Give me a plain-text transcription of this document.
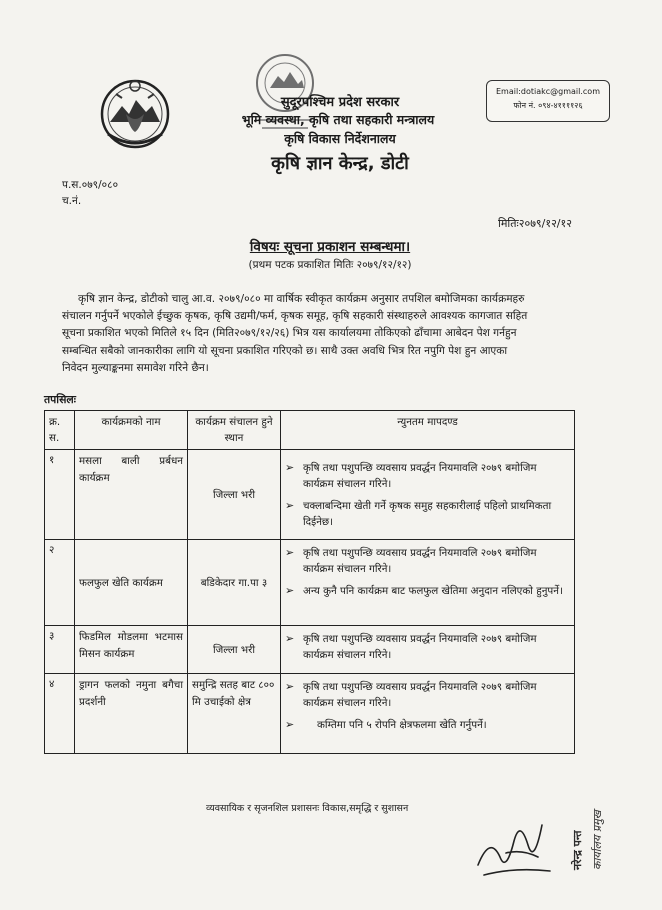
सुदूरपश्चिम प्रदेश सरकार
भूमि व्यवस्था, कृषि तथा सहकारी मन्त्रालय
कृषि विकास निर्देशनालय
कृषि ज्ञान केन्द्र, डोटी
Email:dotiakc@gmail.com
फोन नं. ०९४-४११११२६
प.स.०७९/०८०
च.नं.
मितिः२०७९/१२/१२
विषयः सूचना प्रकाशन सम्बन्धमा।
(प्रथम पटक प्रकाशित मितिः २०७९/१२/१२)
कृषि ज्ञान केन्द्र, डोटीको चालु आ.व. २०७९/०८० मा वार्षिक स्वीकृत कार्यक्रम अनुसार तपशिल बमोजिमका कार्यक्रमहरु
संचालन गर्नुपर्ने भएकोले ईच्छुक कृषक, कृषि उद्यमी/फर्म, कृषक समूह, कृषि सहकारी संस्थाहरुले आवश्यक कागजात सहित
सूचना प्रकाशित भएको मितिले १५ दिन (मिति२०७९/१२/२६) भित्र यस कार्यालयमा तोकिएको ढाँचामा आबेदन पेश गर्नहुन
सम्बन्धित सबैको जानकारीका लागि यो सूचना प्रकाशित गरिएको छ। साथै उक्त अवधि भित्र रित नपुगि पेश हुन आएका
निवेदन मुल्याङ्कनमा समावेश गरिने छैन।
तपसिलः
क्र. स.	कार्यक्रमको नाम	कार्यक्रम संचालन हुने स्थान	न्युनतम मापदण्ड
१	मसला बाली प्रर्बधन कार्यक्रम	जिल्ला भरी	➢ कृषि तथा पशुपन्छि व्यवसाय प्रवर्द्धन नियमावलि २०७९ बमोजिम कार्यक्रम संचालन गरिने।
➢ चक्लाबन्दिमा खेती गर्ने कृषक समुह सहकारीलाई पहिलो प्राथमिकता दिईनेछ।

२	फलफुल खेति कार्यक्रम	बडिकेदार गा.पा ३	➢ कृषि तथा पशुपन्छि व्यवसाय प्रवर्द्धन नियमावलि २०७९ बमोजिम कार्यक्रम संचालन गरिने।
➢ अन्य कुनै पनि कार्यक्रम बाट फलफुल खेतिमा अनुदान नलिएको हुनुपर्ने।

३	फिडमिल मोडलमा भटमास मिसन कार्यक्रम	जिल्ला भरी	➢ कृषि तथा पशुपन्छि व्यवसाय प्रवर्द्धन नियमावलि २०७९ बमोजिम कार्यक्रम संचालन गरिने।

४	ड्रागन फलको नमुना बगैचा प्रदर्शनी	समुन्द्रि सतह बाट ८०० मि उचाईको क्षेत्र	➢ कृषि तथा पशुपन्छि व्यवसाय प्रवर्द्धन नियमावलि २०७९ बमोजिम कार्यक्रम संचालन गरिने।
➢ कम्तिमा पनि ५ रोपनि क्षेत्रफलमा खेति गर्नुपर्ने।
व्यवसायिक र सृजनशिल प्रशासनः विकास,समृद्धि र सुशासन
नरेन्द्र पन्त कार्यालय प्रमुख
